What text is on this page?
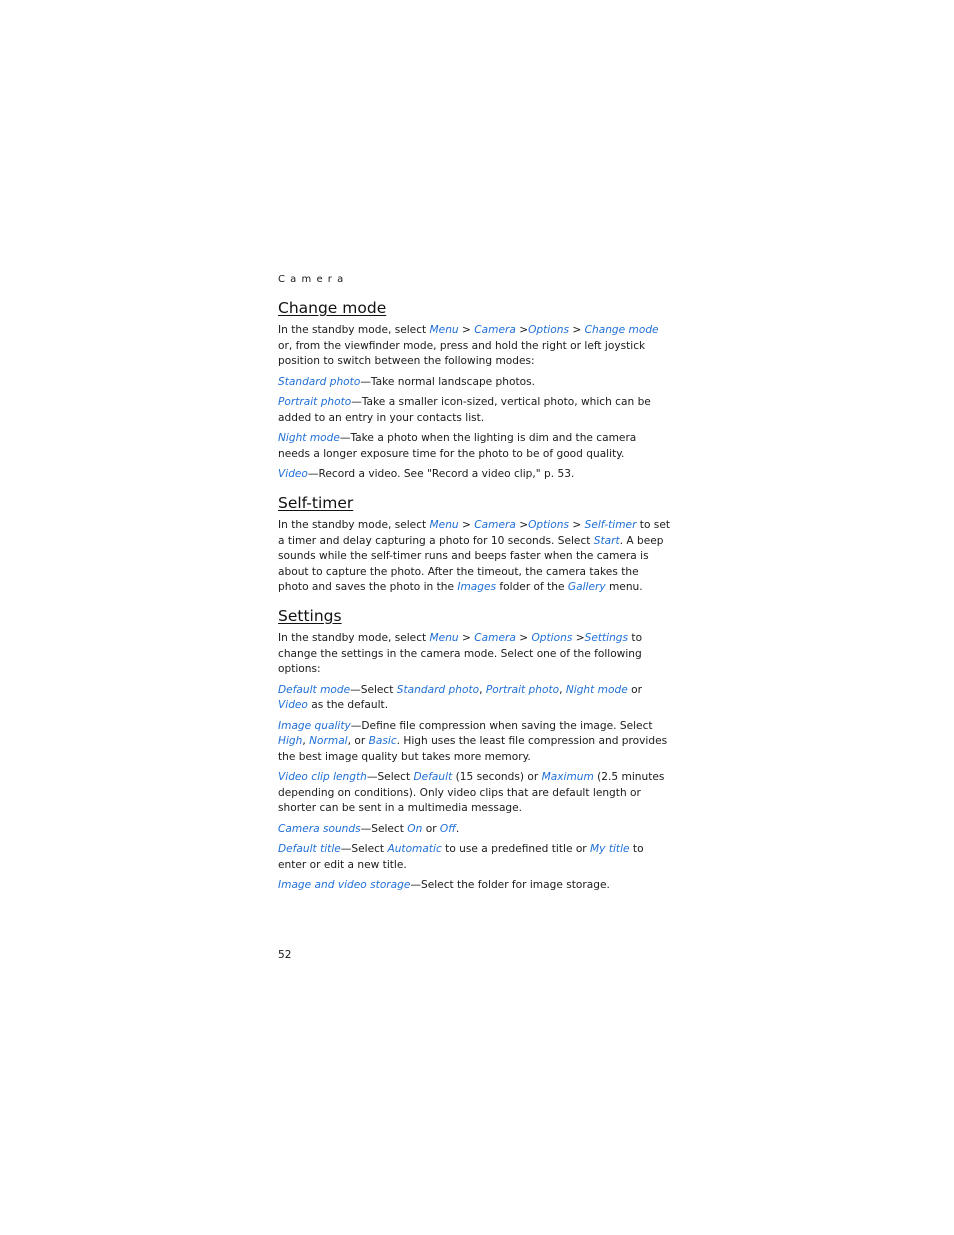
Camera
Change mode

In the standby mode, select Menu > Camera >Options > Change mode or, from the viewfinder mode, press and hold the right or left joystick position to switch between the following modes:

Standard photo—Take normal landscape photos.

Portrait photo—Take a smaller icon-sized, vertical photo, which can be added to an entry in your contacts list.

Night mode—Take a photo when the lighting is dim and the camera needs a longer exposure time for the photo to be of good quality.

Video—Record a video. See "Record a video clip," p. 53.

Self-timer

In the standby mode, select Menu > Camera >Options > Self-timer to set a timer and delay capturing a photo for 10 seconds. Select Start. A beep sounds while the self-timer runs and beeps faster when the camera is about to capture the photo. After the timeout, the camera takes the photo and saves the photo in the Images folder of the Gallery menu.

Settings

In the standby mode, select Menu > Camera > Options >Settings to change the settings in the camera mode. Select one of the following options:

Default mode—Select Standard photo, Portrait photo, Night mode or Video as the default.

Image quality—Define file compression when saving the image. Select High, Normal, or Basic. High uses the least file compression and provides the best image quality but takes more memory.

Video clip length—Select Default (15 seconds) or Maximum (2.5 minutes depending on conditions). Only video clips that are default length or shorter can be sent in a multimedia message.

Camera sounds—Select On or Off.

Default title—Select Automatic to use a predefined title or My title to enter or edit a new title.

Image and video storage—Select the folder for image storage.

52
